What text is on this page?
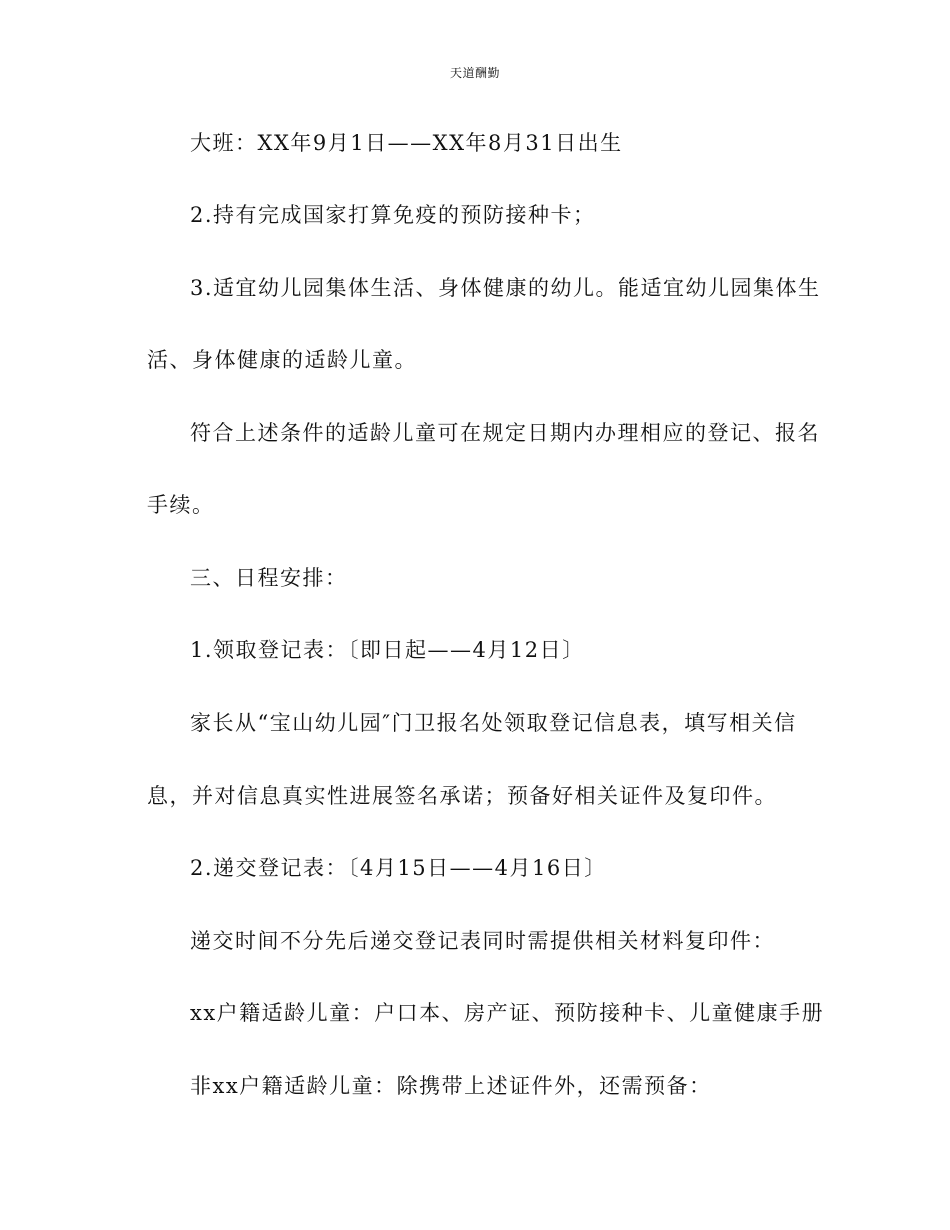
天道酬勤
大班：XX年9月1日——XX年8月31日出生
2.持有完成国家打算免疫的预防接种卡；
3.适宜幼儿园集体生活、身体健康的幼儿。能适宜幼儿园集体生
活、身体健康的适龄儿童。
符合上述条件的适龄儿童可在规定日期内办理相应的登记、报名
手续。
三、日程安排：
1.领取登记表：〔即日起——4月12日〕
家长从“宝山幼儿园″门卫报名处领取登记信息表，填写相关信
息，并对信息真实性进展签名承诺；预备好相关证件及复印件。
2.递交登记表：〔4月15日——4月16日〕
递交时间不分先后递交登记表同时需提供相关材料复印件：
xx户籍适龄儿童：户口本、房产证、预防接种卡、儿童健康手册
非xx户籍适龄儿童：除携带上述证件外，还需预备：
